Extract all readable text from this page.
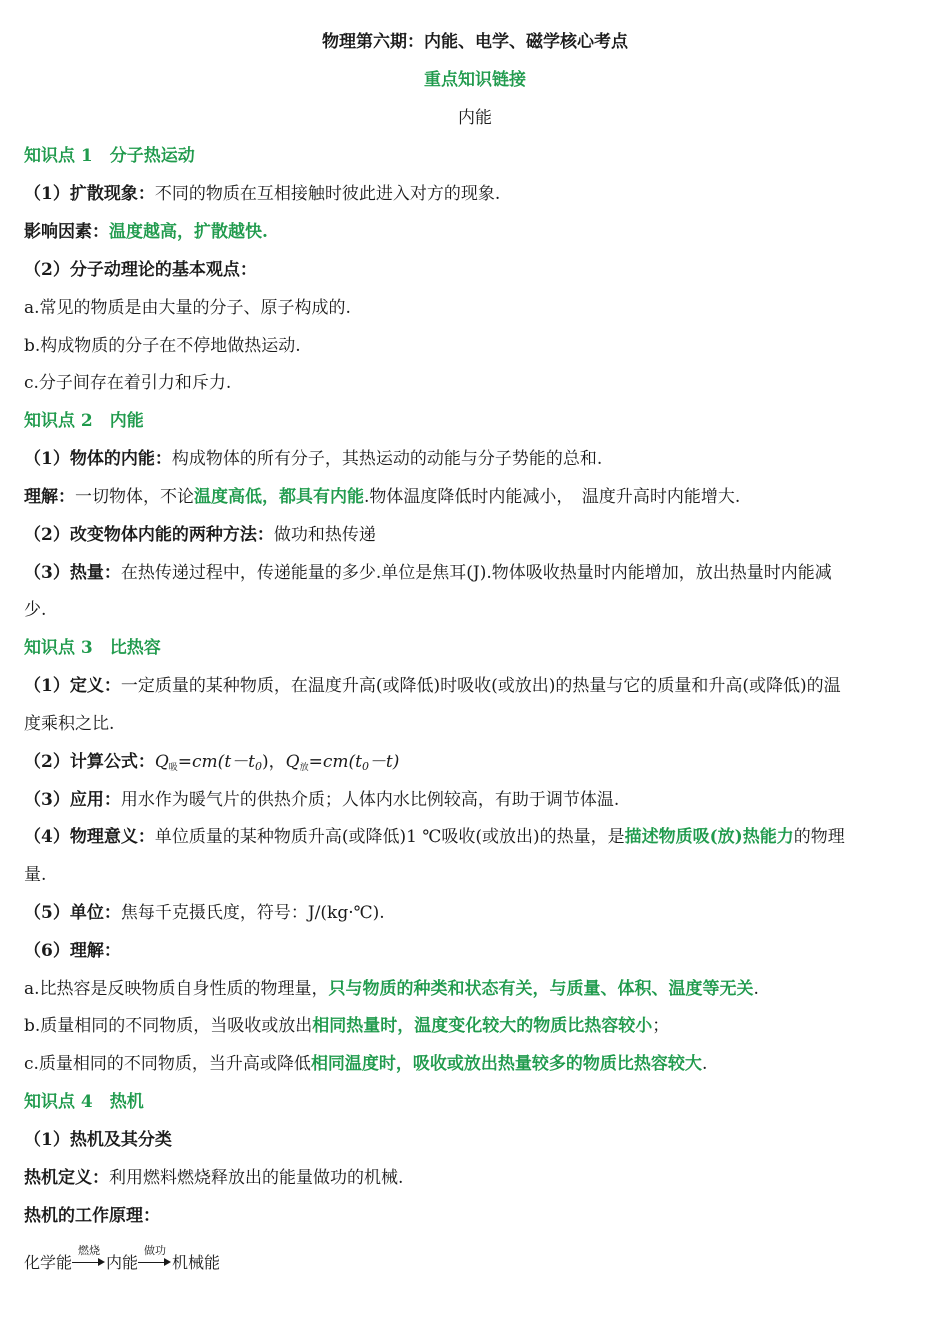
物理第六期：内能、电学、磁学核心考点
重点知识链接
内能
知识点 1　分子热运动
（1）扩散现象：不同的物质在互相接触时彼此进入对方的现象.
影响因素：温度越高，扩散越快.
（2）分子动理论的基本观点：
a.常见的物质是由大量的分子、原子构成的.
b.构成物质的分子在不停地做热运动.
c.分子间存在着引力和斥力.
知识点 2　内能
（1）物体的内能：构成物体的所有分子，其热运动的动能与分子势能的总和.
理解：一切物体，不论温度高低，都具有内能.物体温度降低时内能减小，　温度升高时内能增大.
（2）改变物体内能的两种方法：做功和热传递
（3）热量：在热传递过程中，传递能量的多少.单位是焦耳(J).物体吸收热量时内能增加，放出热量时内能减
少.
知识点 3　比热容
（1）定义：一定质量的某种物质，在温度升高(或降低)时吸收(或放出)的热量与它的质量和升高(或降低)的温
度乘积之比.
（2）计算公式：$Q_吸=cm(t-t_0)$，$Q_放=cm(t_0-t)$
（3）应用：用水作为暖气片的供热介质；人体内水比例较高，有助于调节体温.
（4）物理意义：单位质量的某种物质升高(或降低)1 ℃吸收(或放出)的热量，是描述物质吸(放)热能力的物理
量.
（5）单位：焦每千克摄氏度，符号：J/(kg·℃).
（6）理解：
a.比热容是反映物质自身性质的物理量，只与物质的种类和状态有关，与质量、体积、温度等无关.
b.质量相同的不同物质，当吸收或放出相同热量时，温度变化较大的物质比热容较小；
c.质量相同的不同物质，当升高或降低相同温度时，吸收或放出热量较多的物质比热容较大.
知识点 4　热机
（1）热机及其分类
热机定义：利用燃料燃烧释放出的能量做功的机械.
热机的工作原理：
化学能
燃烧
内能
做功
机械能
